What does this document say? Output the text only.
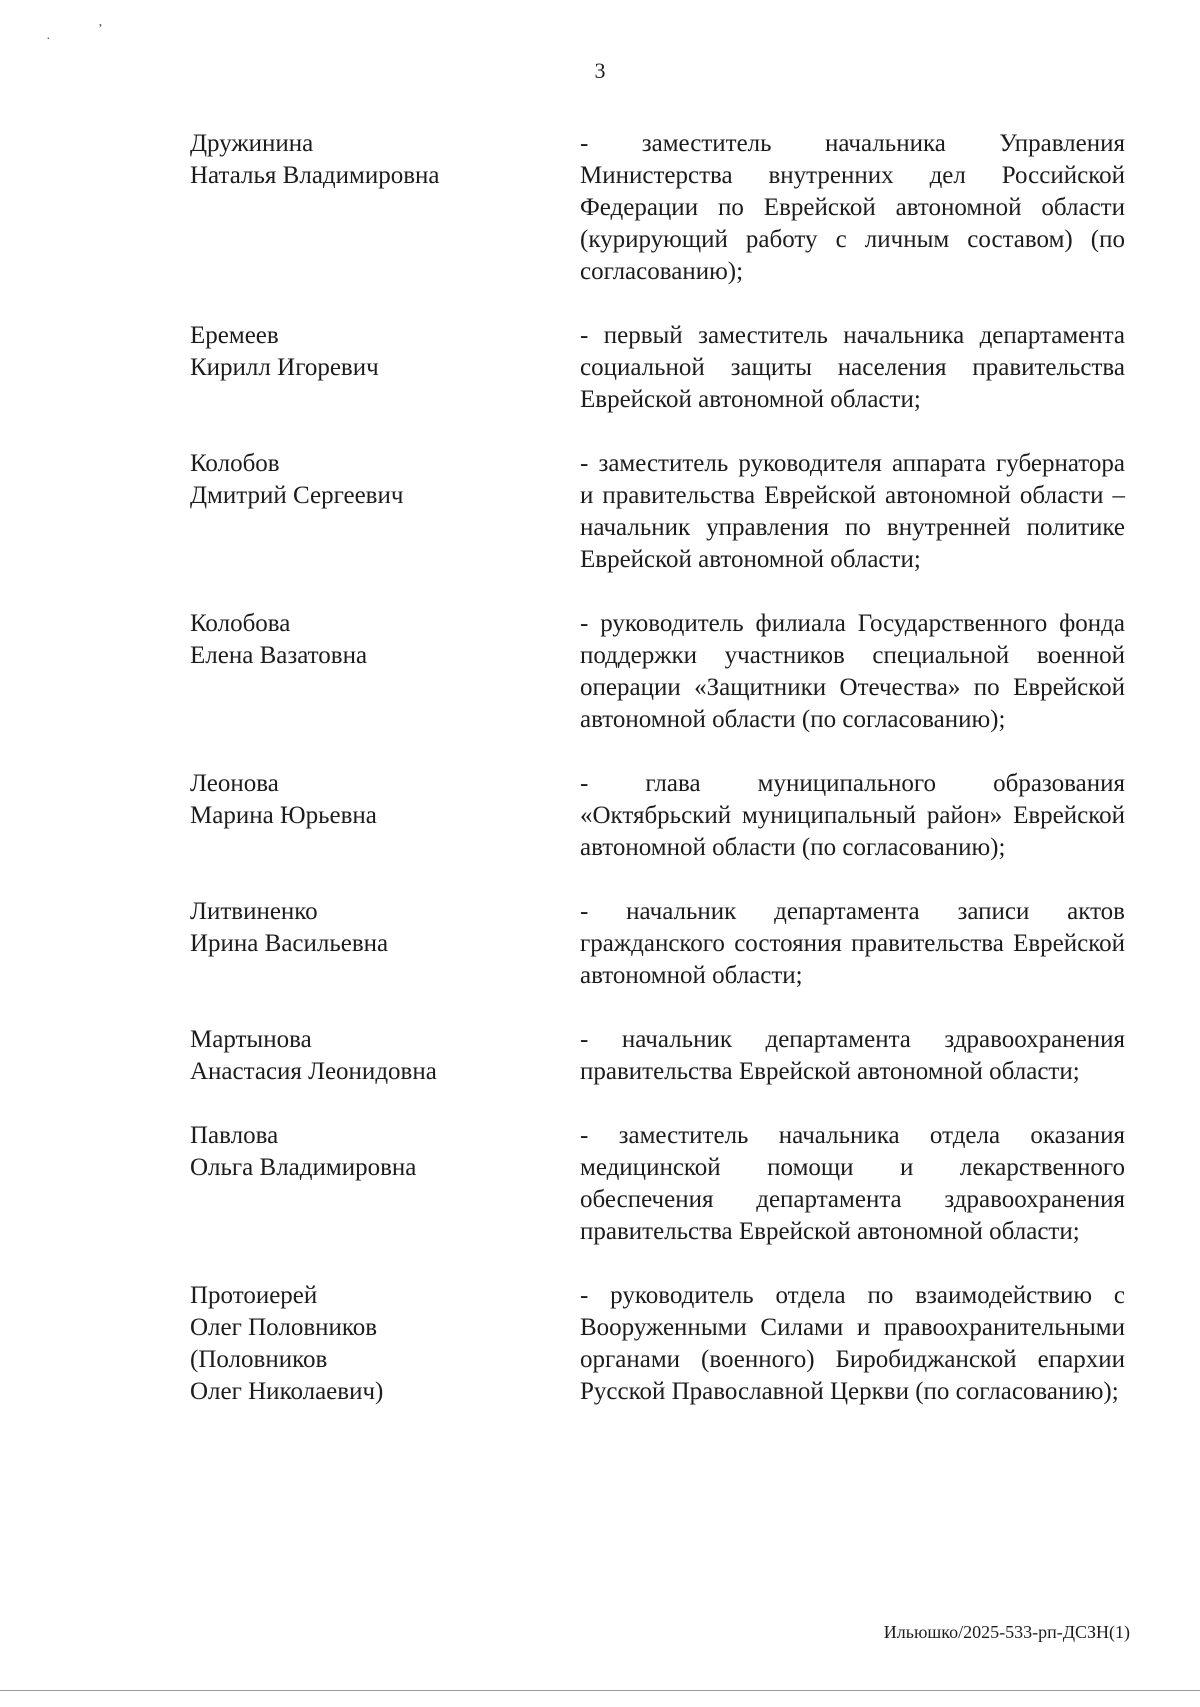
·
ʼ
3
Дружинина
Наталья Владимировна
- заместитель начальника Управления Министерства внутренних дел Российской Федерации по Еврейской автономной области (курирующий работу с личным составом) (по согласованию);
Еремеев
Кирилл Игоревич
- первый заместитель начальника департамента социальной защиты населения правительства Еврейской автономной области;
Колобов
Дмитрий Сергеевич
- заместитель руководителя аппарата губернатора и правительства Еврейской автономной области – начальник управления по внутренней политике Еврейской автономной области;
Колобова
Елена Вазатовна
- руководитель филиала Государственного фонда поддержки участников специальной военной операции «Защитники Отечества» по Еврейской автономной области (по согласованию);
Леонова
Марина Юрьевна
- глава муниципального образования «Октябрьский муниципальный район» Еврейской автономной области (по согласованию);
Литвиненко
Ирина Васильевна
- начальник департамента записи актов гражданского состояния правительства Еврейской автономной области;
Мартынова
Анастасия Леонидовна
- начальник департамента здравоохранения правительства Еврейской автономной области;
Павлова
Ольга Владимировна
- заместитель начальника отдела оказания медицинской помощи и лекарственного обеспечения департамента здравоохранения правительства Еврейской автономной области;
Протоиерей
Олег Половников
(Половников
Олег Николаевич)
- руководитель отдела по взаимодействию с Вооруженными Силами и правоохранительными органами (военного) Биробиджанской епархии Русской Православной Церкви (по согласованию);
Ильюшко/2025-533-рп-ДСЗН(1)
